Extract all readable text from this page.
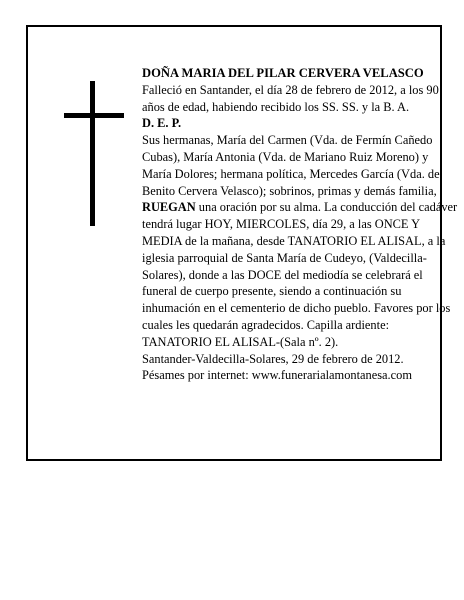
DOÑA MARIA DEL PILAR CERVERA VELASCO

Falleció en Santander, el día 28 de febrero de 2012, a los 90 años de edad, habiendo recibido los SS. SS. y la B. A.

D. E. P.

Sus hermanas, María del Carmen (Vda. de Fermín Cañedo Cubas), María Antonia (Vda. de Mariano Ruiz Moreno) y María Dolores; hermana política, Mercedes García (Vda. de Benito Cervera Velasco); sobrinos, primas y demás familia,

RUEGAN una oración por su alma. La conducción del cadáver tendrá lugar HOY, MIERCOLES, día 29, a las ONCE Y MEDIA de la mañana, desde TANATORIO EL ALISAL, a la iglesia parroquial de Santa María de Cudeyo, (Valdecilla-Solares), donde a las DOCE del mediodía se celebrará el funeral de cuerpo presente, siendo a continuación su inhumación en el cementerio de dicho pueblo. Favores por los cuales les quedarán agradecidos. Capilla ardiente: TANATORIO EL ALISAL-(Sala nº. 2).

Santander-Valdecilla-Solares, 29 de febrero de 2012.

Pésames por internet: www.funerarialamontanesa.com
